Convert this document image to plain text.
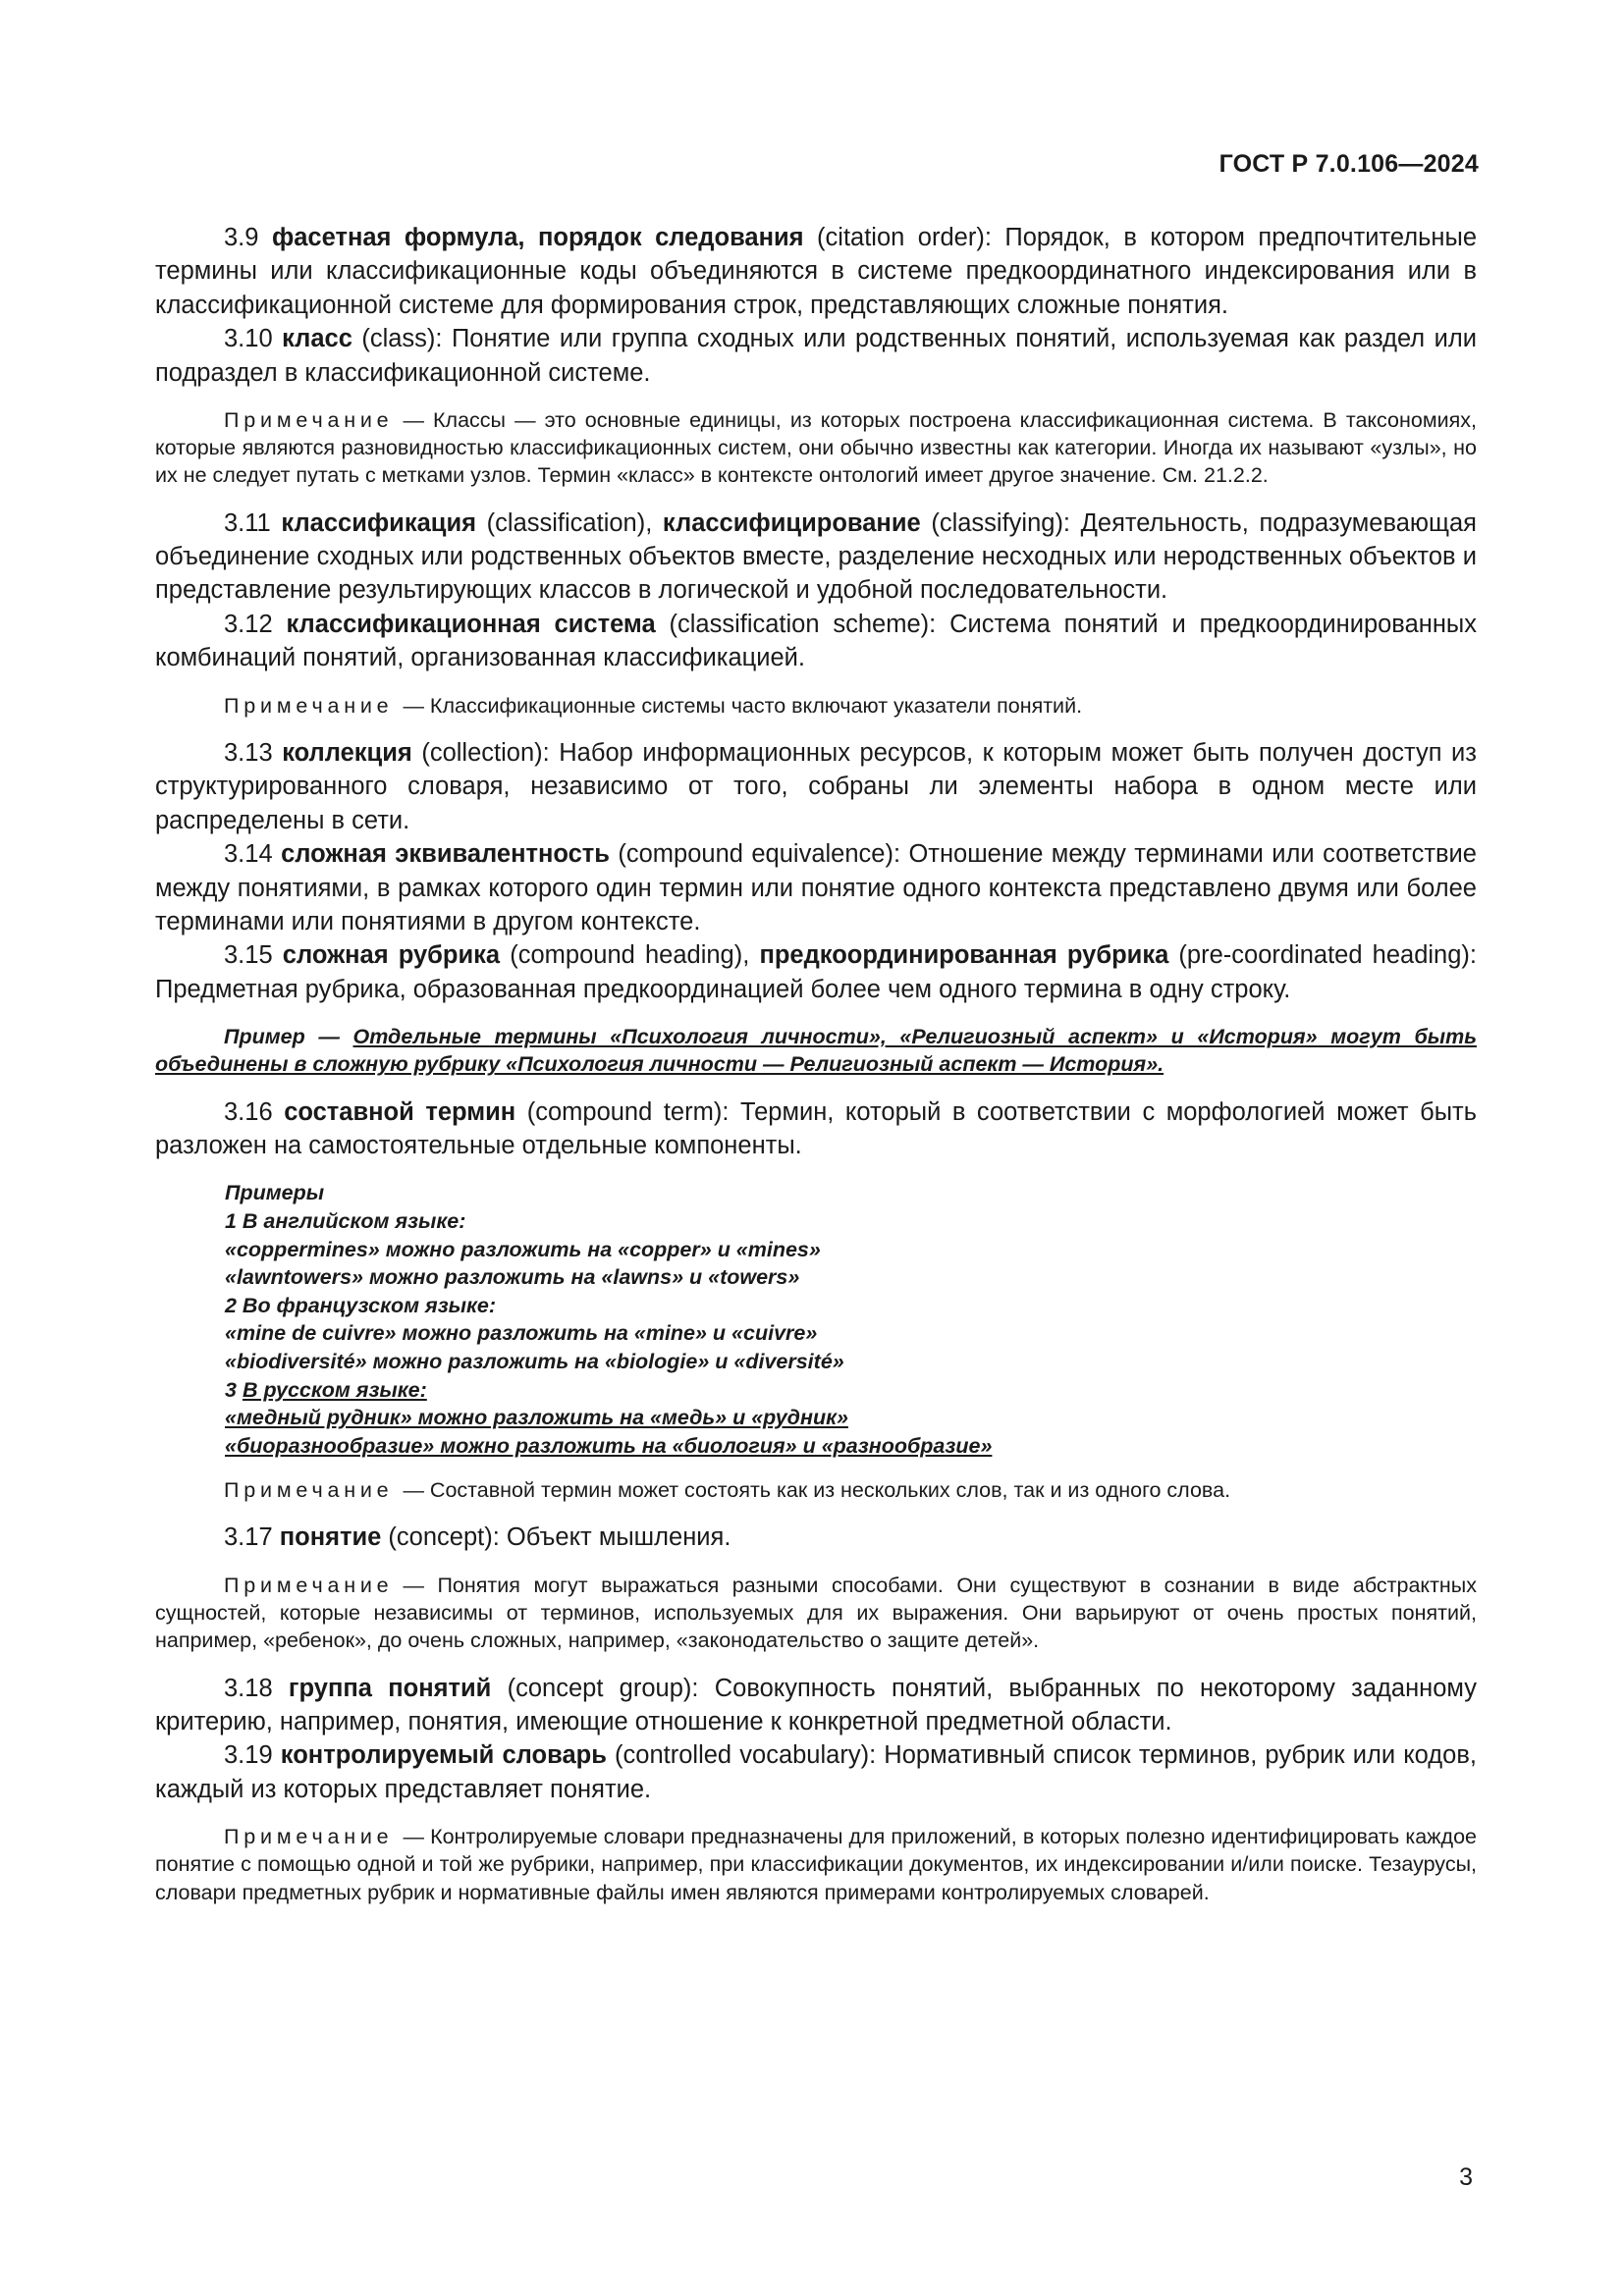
ГОСТ Р 7.0.106—2024

3.9 фасетная формула, порядок следования (citation order): Порядок, в котором предпочтительные термины или классификационные коды объединяются в системе предкоординатного индексирования или в классификационной системе для формирования строк, представляющих сложные понятия.

3.10 класс (class): Понятие или группа сходных или родственных понятий, используемая как раздел или подраздел в классификационной системе.

Примечание — Классы — это основные единицы, из которых построена классификационная система. В таксономиях, которые являются разновидностью классификационных систем, они обычно известны как категории. Иногда их называют «узлы», но их не следует путать с метками узлов. Термин «класс» в контексте онтологий имеет другое значение. См. 21.2.2.

3.11 классификация (classification), классифицирование (classifying): Деятельность, подразумевающая объединение сходных или родственных объектов вместе, разделение несходных или неродственных объектов и представление результирующих классов в логической и удобной последовательности.

3.12 классификационная система (classification scheme): Система понятий и предкоординированных комбинаций понятий, организованная классификацией.

Примечание — Классификационные системы часто включают указатели понятий.

3.13 коллекция (collection): Набор информационных ресурсов, к которым может быть получен доступ из структурированного словаря, независимо от того, собраны ли элементы набора в одном месте или распределены в сети.

3.14 сложная эквивалентность (compound equivalence): Отношение между терминами или соответствие между понятиями, в рамках которого один термин или понятие одного контекста представлено двумя или более терминами или понятиями в другом контексте.

3.15 сложная рубрика (compound heading), предкоординированная рубрика (pre-coordinated heading): Предметная рубрика, образованная предкоординацией более чем одного термина в одну строку.

Пример — Отдельные термины «Психология личности», «Религиозный аспект» и «История» могут быть объединены в сложную рубрику «Психология личности — Религиозный аспект — История».

3.16 составной термин (compound term): Термин, который в соответствии с морфологией может быть разложен на самостоятельные отдельные компоненты.

Примеры
1 В английском языке:
«coppermines» можно разложить на «copper» и «mines»
«lawntowers» можно разложить на «lawns» и «towers»
2 Во французском языке:
«mine de cuivre» можно разложить на «mine» и «cuivre»
«biodiversité» можно разложить на «biologie» и «diversité»
3 В русском языке:
«медный рудник» можно разложить на «медь» и «рудник»
«биоразнообразие» можно разложить на «биология» и «разнообразие»

Примечание — Составной термин может состоять как из нескольких слов, так и из одного слова.

3.17 понятие (concept): Объект мышления.

Примечание — Понятия могут выражаться разными способами. Они существуют в сознании в виде абстрактных сущностей, которые независимы от терминов, используемых для их выражения. Они варьируют от очень простых понятий, например, «ребенок», до очень сложных, например, «законодательство о защите детей».

3.18 группа понятий (concept group): Совокупность понятий, выбранных по некоторому заданному критерию, например, понятия, имеющие отношение к конкретной предметной области.

3.19 контролируемый словарь (controlled vocabulary): Нормативный список терминов, рубрик или кодов, каждый из которых представляет понятие.

Примечание — Контролируемые словари предназначены для приложений, в которых полезно идентифицировать каждое понятие с помощью одной и той же рубрики, например, при классификации документов, их индексировании и/или поиске. Тезаурусы, словари предметных рубрик и нормативные файлы имен являются примерами контролируемых словарей.

3
